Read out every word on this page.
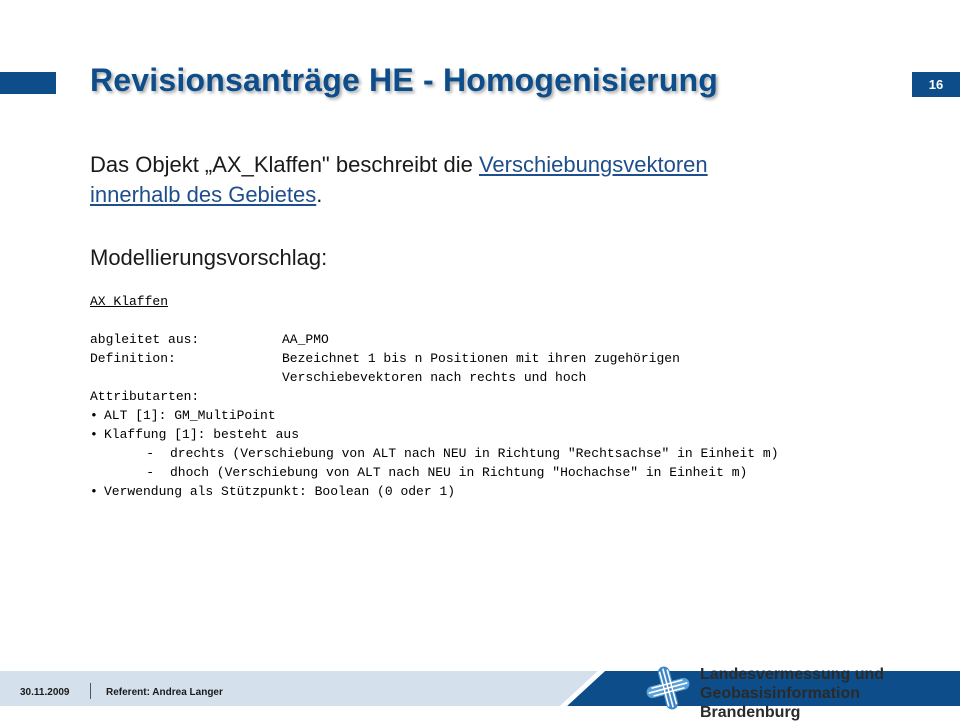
16
Revisionsanträge HE - Homogenisierung
Das Objekt „AX_Klaffen" beschreibt die Verschiebungsvektoren
innerhalb des Gebietes.
Modellierungsvorschlag:
AX_Klaffen
abgleitet aus:	AA_PMO
Definition:	Bezeichnet 1 bis n Positionen mit ihren zugehörigen
Verschiebevektoren nach rechts und hoch
Attributarten:
• ALT [1]: GM_MultiPoint
• Klaffung [1]: besteht aus
- drechts (Verschiebung von ALT nach NEU in Richtung "Rechtsachse" in Einheit m)
- dhoch (Verschiebung von ALT nach NEU in Richtung "Hochachse" in Einheit m)
• Verwendung als Stützpunkt: Boolean (0 oder 1)
30.11.2009	Referent: Andrea Langer
Landesvermessung und
Geobasisinformation Brandenburg
